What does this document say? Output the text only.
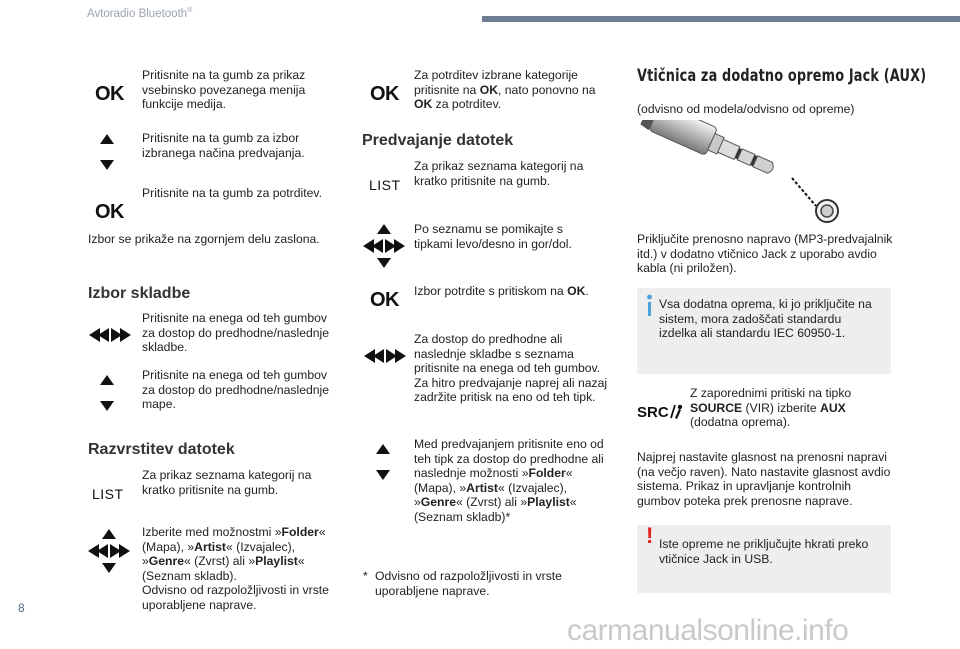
Avtoradio Bluetooth®
OK
Pritisnite na ta gumb za prikaz vsebinsko povezanega menija funkcije medija.
Pritisnite na ta gumb za izbor izbranega načina predvajanja.
OK
Pritisnite na ta gumb za potrditev.
Izbor se prikaže na zgornjem delu zaslona.
Izbor skladbe
Pritisnite na enega od teh gumbov za dostop do predhodne/naslednje skladbe.
Pritisnite na enega od teh gumbov za dostop do predhodne/naslednje mape.
Razvrstitev datotek
LIST
Za prikaz seznama kategorij na kratko pritisnite na gumb.
Izberite med možnostmi »Folder« (Mapa), »Artist« (Izvajalec), »Genre« (Zvrst) ali »Playlist« (Seznam skladb).
Odvisno od razpoložljivosti in vrste uporabljene naprave.
OK
Za potrditev izbrane kategorije pritisnite na OK, nato ponovno na OK za potrditev.
Predvajanje datotek
LIST
Za prikaz seznama kategorij na kratko pritisnite na gumb.
Po seznamu se pomikajte s tipkami levo/desno in gor/dol.
OK Izbor potrdite s pritiskom na OK.
Za dostop do predhodne ali naslednje skladbe s seznama pritisnite na enega od teh gumbov. Za hitro predvajanje naprej ali nazaj zadržite pritisk na eno od teh tipk.
Med predvajanjem pritisnite eno od teh tipk za dostop do predhodne ali naslednje možnosti »Folder« (Mapa), »Artist« (Izvajalec), »Genre« (Zvrst) ali »Playlist« (Seznam skladb)*
* Odvisno od razpoložljivosti in vrste uporabljene naprave.
Vtičnica za dodatno opremo Jack (AUX)
(odvisno od modela/odvisno od opreme)
Priključite prenosno napravo (MP3-predvajalnik itd.) v dodatno vtičnico Jack z uporabo avdio kabla (ni priložen).
Vsa dodatna oprema, ki jo priključite na sistem, mora zadoščati standardu izdelka ali standardu IEC 60950-1.
SRC
Z zaporednimi pritiski na tipko SOURCE (VIR) izberite AUX (dodatna oprema).
Najprej nastavite glasnost na prenosni napravi (na večjo raven). Nato nastavite glasnost avdio sistema. Prikaz in upravljanje kontrolnih gumbov poteka prek prenosne naprave.
! Iste opreme ne priključujte hkrati preko vtičnice Jack in USB.
8
carmanualsonline.info
